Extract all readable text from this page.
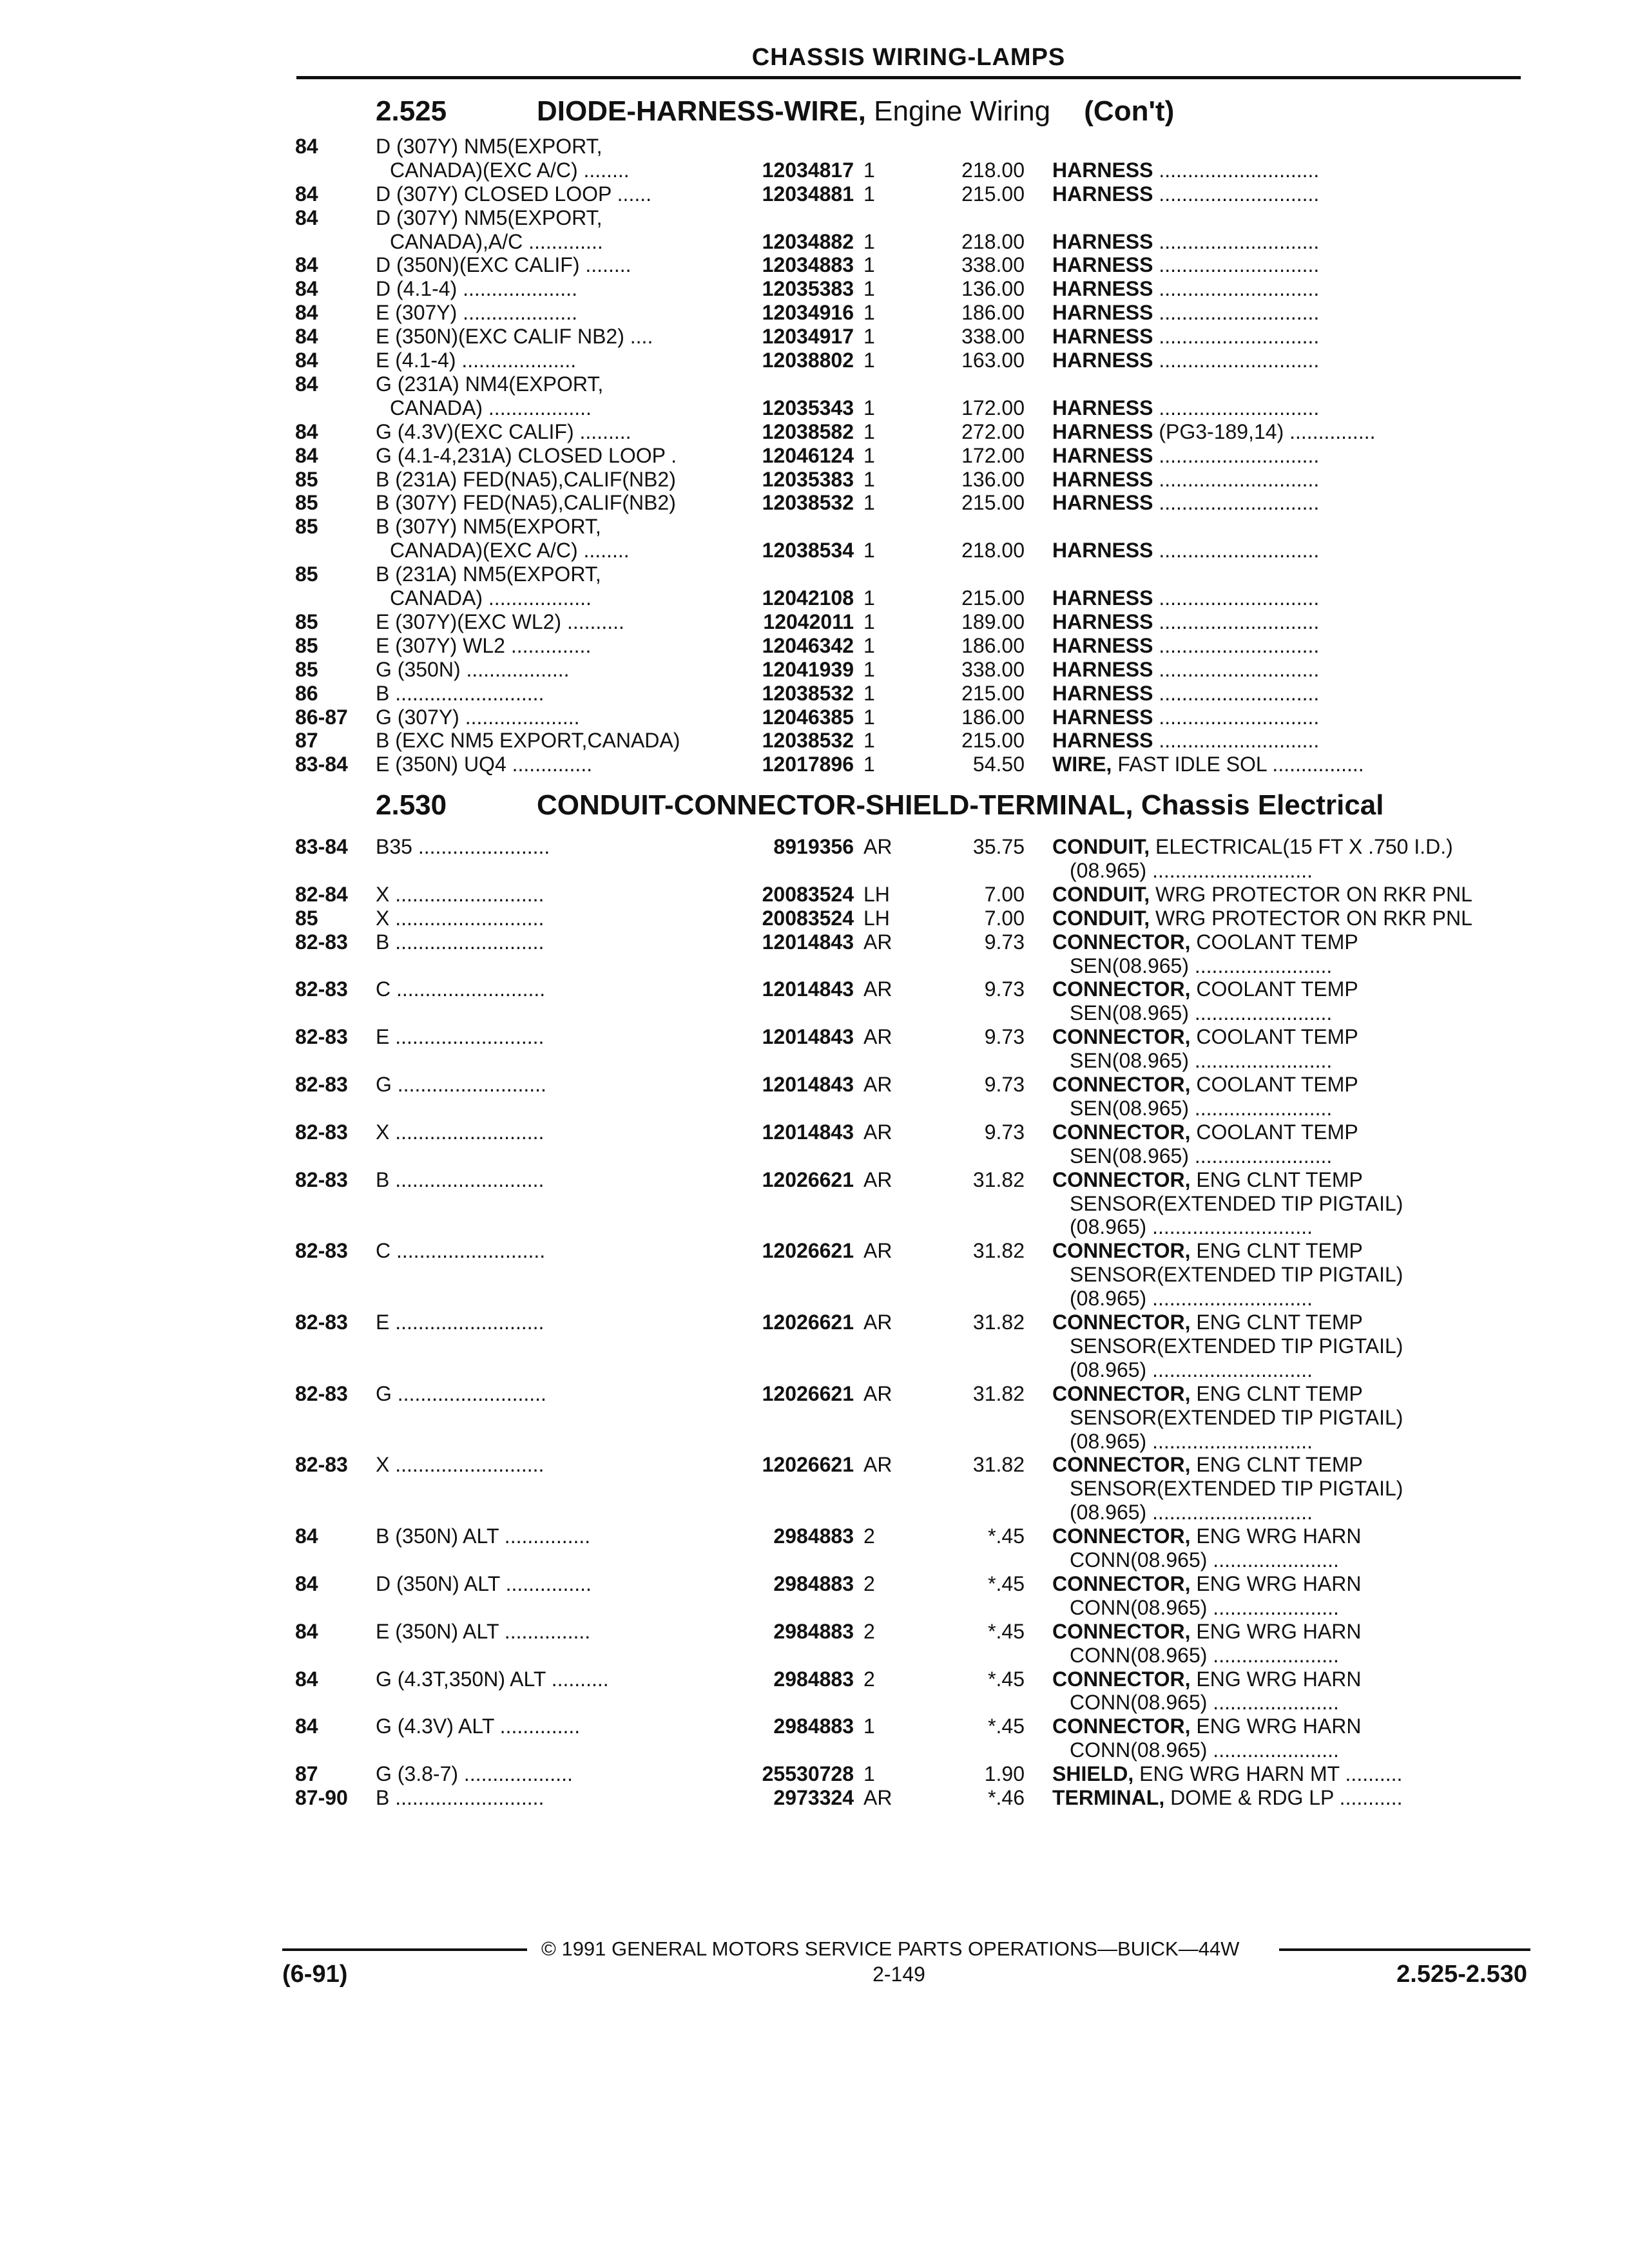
CHASSIS WIRING-LAMPS
2.525	DIODE-HARNESS-WIRE, Engine Wiring (Con't)
2.530	CONDUIT-CONNECTOR-SHIELD-TERMINAL, Chassis Electrical
84	D (307Y) NM5(EXPORT,
CANADA)(EXC A/C) ........	12034817 1	218.00 HARNESS ............................
84	D (307Y) CLOSED LOOP ......	12034881 1	215.00 HARNESS ............................
84	D (307Y) NM5(EXPORT,
CANADA),A/C .............	12034882 1	218.00 HARNESS ............................
84	D (350N)(EXC CALIF) ........	12034883 1	338.00 HARNESS ............................
84	D (4.1-4) ....................	12035383 1	136.00 HARNESS ............................
84	E (307Y) ....................	12034916 1	186.00 HARNESS ............................
84	E (350N)(EXC CALIF NB2) ....	12034917 1	338.00 HARNESS ............................
84	E (4.1-4) ....................	12038802 1	163.00 HARNESS ............................
84	G (231A) NM4(EXPORT,
CANADA) ..................	12035343 1	172.00 HARNESS ............................
84	G (4.3V)(EXC CALIF) .........	12038582 1	272.00 HARNESS (PG3-189,14) ...............
84	G (4.1-4,231A) CLOSED LOOP .	12046124 1	172.00 HARNESS ............................
85	B (231A) FED(NA5),CALIF(NB2)	12035383 1	136.00 HARNESS ............................
85	B (307Y) FED(NA5),CALIF(NB2)	12038532 1	215.00 HARNESS ............................
85	B (307Y) NM5(EXPORT,
CANADA)(EXC A/C) ........	12038534 1	218.00 HARNESS ............................
85	B (231A) NM5(EXPORT,
CANADA) ..................	12042108 1	215.00 HARNESS ............................
85	E (307Y)(EXC WL2) ..........	12042011 1	189.00 HARNESS ............................
85	E (307Y) WL2 ..............	12046342 1	186.00 HARNESS ............................
85	G (350N) ..................	12041939 1	338.00 HARNESS ............................
86	B ..........................	12038532 1	215.00 HARNESS ............................
86-87	G (307Y) ....................	12046385 1	186.00 HARNESS ............................
87	B (EXC NM5 EXPORT,CANADA)	12038532 1	215.00 HARNESS ............................
83-84	E (350N) UQ4 ..............	12017896 1	54.50 WIRE, FAST IDLE SOL ................
83-84	B35 .......................	8919356 AR	35.75 CONDUIT, ELECTRICAL(15 FT X .750 I.D.)
(08.965) ............................
82-84	X ..........................	20083524 LH	7.00 CONDUIT, WRG PROTECTOR ON RKR PNL
85	X ..........................	20083524 LH	7.00 CONDUIT, WRG PROTECTOR ON RKR PNL
82-83	B ..........................	12014843 AR	9.73 CONNECTOR, COOLANT TEMP
SEN(08.965) ........................
82-83	C ..........................	12014843 AR	9.73 CONNECTOR, COOLANT TEMP
SEN(08.965) ........................
82-83	E ..........................	12014843 AR	9.73 CONNECTOR, COOLANT TEMP
SEN(08.965) ........................
82-83	G ..........................	12014843 AR	9.73 CONNECTOR, COOLANT TEMP
SEN(08.965) ........................
82-83	X ..........................	12014843 AR	9.73 CONNECTOR, COOLANT TEMP
SEN(08.965) ........................
82-83	B ..........................	12026621 AR	31.82 CONNECTOR, ENG CLNT TEMP
SENSOR(EXTENDED TIP PIGTAIL)
(08.965) ............................
82-83	C ..........................	12026621 AR	31.82 CONNECTOR, ENG CLNT TEMP
SENSOR(EXTENDED TIP PIGTAIL)
(08.965) ............................
82-83	E ..........................	12026621 AR	31.82 CONNECTOR, ENG CLNT TEMP
SENSOR(EXTENDED TIP PIGTAIL)
(08.965) ............................
82-83	G ..........................	12026621 AR	31.82 CONNECTOR, ENG CLNT TEMP
SENSOR(EXTENDED TIP PIGTAIL)
(08.965) ............................
82-83	X ..........................	12026621 AR	31.82 CONNECTOR, ENG CLNT TEMP
SENSOR(EXTENDED TIP PIGTAIL)
(08.965) ............................
84	B (350N) ALT ...............	2984883 2	*.45 CONNECTOR, ENG WRG HARN
CONN(08.965) ......................
84	D (350N) ALT ...............	2984883 2	*.45 CONNECTOR, ENG WRG HARN
CONN(08.965) ......................
84	E (350N) ALT ...............	2984883 2	*.45 CONNECTOR, ENG WRG HARN
CONN(08.965) ......................
84	G (4.3T,350N) ALT ..........	2984883 2	*.45 CONNECTOR, ENG WRG HARN
CONN(08.965) ......................
84	G (4.3V) ALT ..............	2984883 1	*.45 CONNECTOR, ENG WRG HARN
CONN(08.965) ......................
87	G (3.8-7) ...................	25530728 1	1.90 SHIELD, ENG WRG HARN MT ..........
87-90	B ..........................	2973324 AR	*.46 TERMINAL, DOME & RDG LP ...........
© 1991 GENERAL MOTORS SERVICE PARTS OPERATIONS—BUICK—44W
(6-91)	2-149	2.525-2.530
